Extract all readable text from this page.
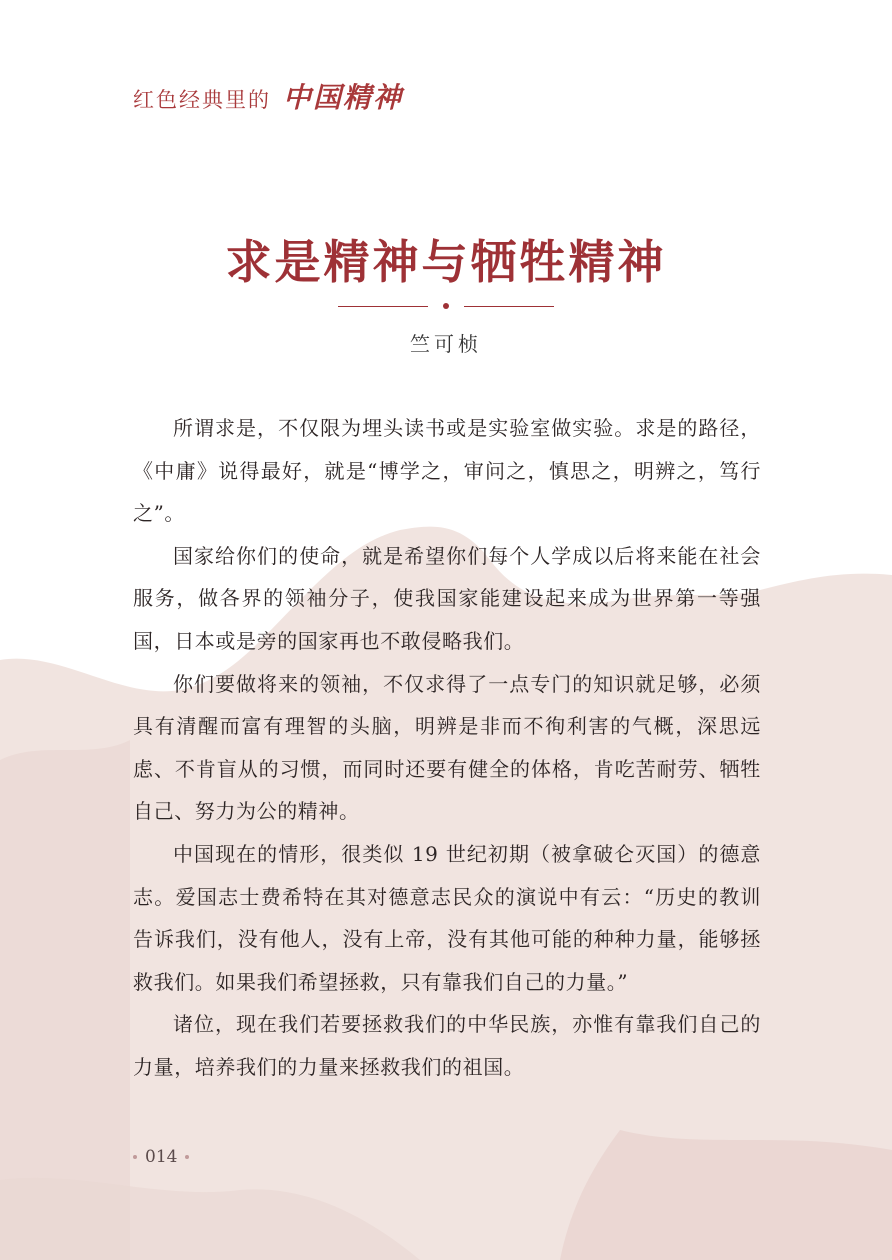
红色经典里的 中国精神
求是精神与牺牲精神
竺可桢

所谓求是，不仅限为埋头读书或是实验室做实验。求是的路径，《中庸》说得最好，就是“博学之，审问之，慎思之，明辨之，笃行之”。

国家给你们的使命，就是希望你们每个人学成以后将来能在社会服务，做各界的领袖分子，使我国家能建设起来成为世界第一等强国，日本或是旁的国家再也不敢侵略我们。

你们要做将来的领袖，不仅求得了一点专门的知识就足够，必须具有清醒而富有理智的头脑，明辨是非而不徇利害的气概，深思远虑、不肯盲从的习惯，而同时还要有健全的体格，肯吃苦耐劳、牺牲自己、努力为公的精神。

中国现在的情形，很类似 19 世纪初期（被拿破仑灭国）的德意志。爱国志士费希特在其对德意志民众的演说中有云：“历史的教训告诉我们，没有他人，没有上帝，没有其他可能的种种力量，能够拯救我们。如果我们希望拯救，只有靠我们自己的力量。”

诸位，现在我们若要拯救我们的中华民族，亦惟有靠我们自己的力量，培养我们的力量来拯救我们的祖国。

014
